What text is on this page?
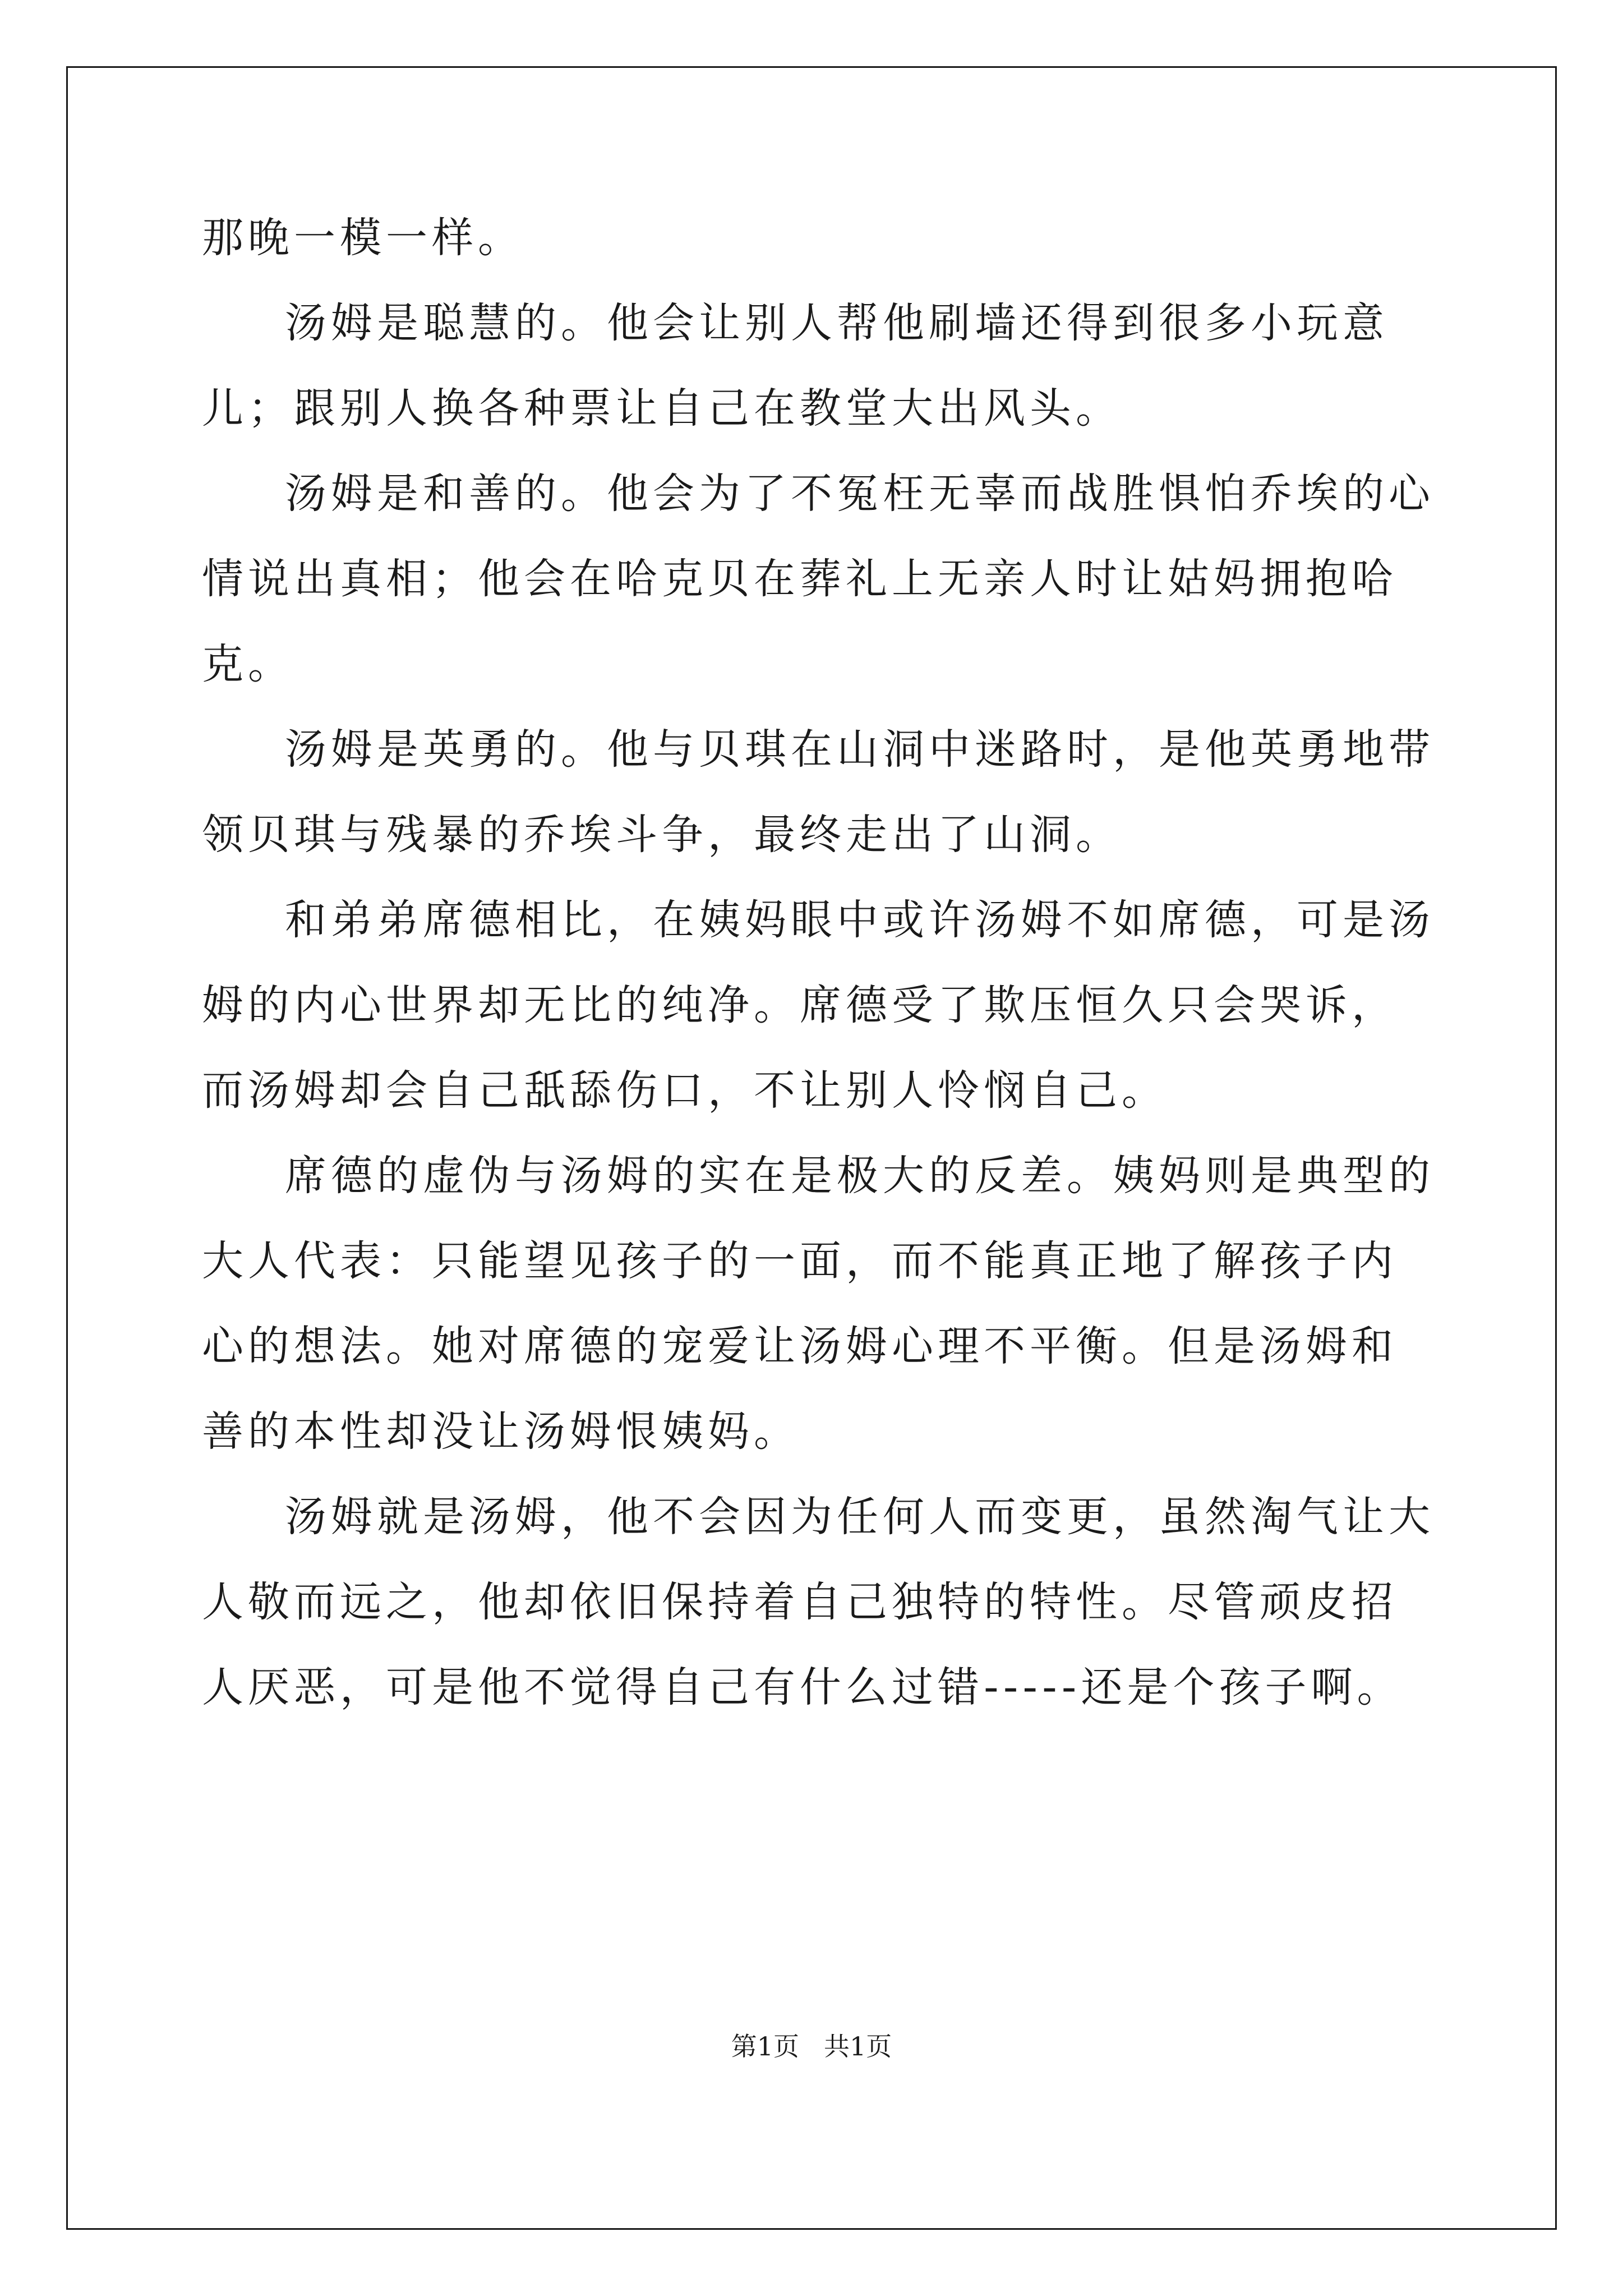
那晚一模一样。

汤姆是聪慧的。他会让别人帮他刷墙还得到很多小玩意儿；跟别人换各种票让自己在教堂大出风头。

汤姆是和善的。他会为了不冤枉无辜而战胜惧怕乔埃的心情说出真相；他会在哈克贝在葬礼上无亲人时让姑妈拥抱哈克。

汤姆是英勇的。他与贝琪在山洞中迷路时，是他英勇地带领贝琪与残暴的乔埃斗争，最终走出了山洞。

和弟弟席德相比，在姨妈眼中或许汤姆不如席德，可是汤姆的内心世界却无比的纯净。席德受了欺压恒久只会哭诉，而汤姆却会自己舐舔伤口，不让别人怜悯自己。

席德的虚伪与汤姆的实在是极大的反差。姨妈则是典型的大人代表：只能望见孩子的一面，而不能真正地了解孩子内心的想法。她对席德的宠爱让汤姆心理不平衡。但是汤姆和善的本性却没让汤姆恨姨妈。

汤姆就是汤姆，他不会因为任何人而变更，虽然淘气让大人敬而远之，他却依旧保持着自己独特的特性。尽管顽皮招人厌恶，可是他不觉得自己有什么过错-----还是个孩子啊。

第1页 共1页
